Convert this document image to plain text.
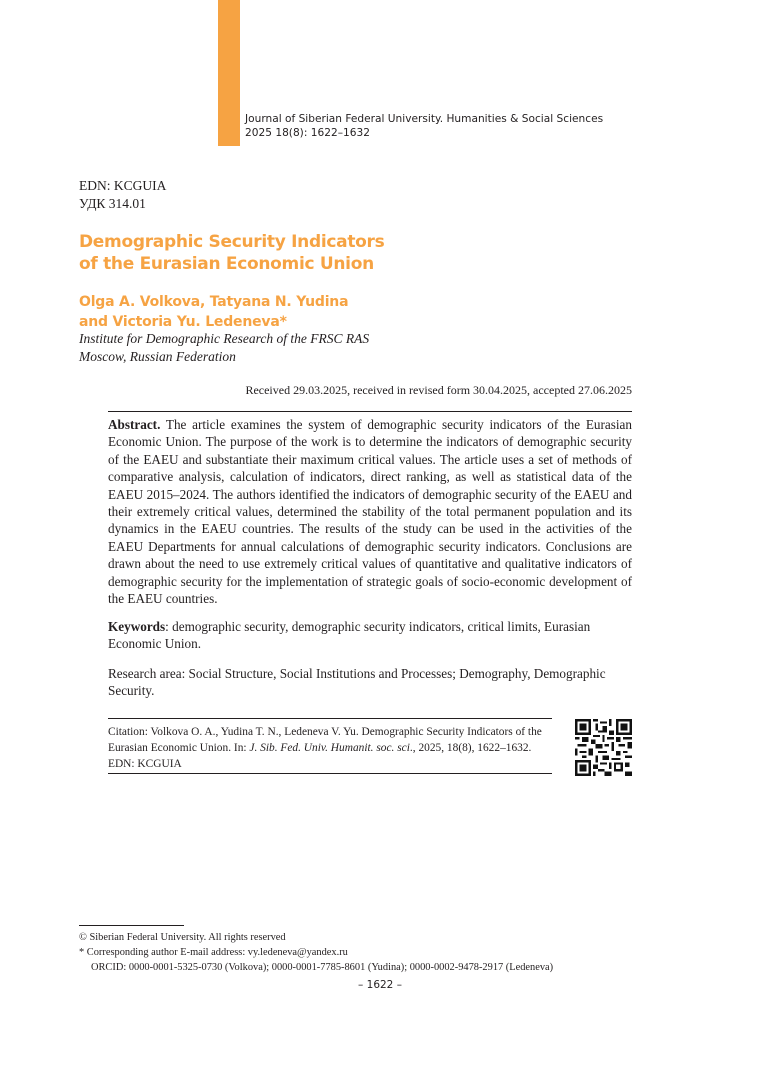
Journal of Siberian Federal University. Humanities & Social Sciences
2025 18(8): 1622–1632
EDN: KCGUIA
УДК 314.01
Demographic Security Indicators
of the Eurasian Economic Union
Olga A. Volkova, Tatyana N. Yudina
and Victoria Yu. Ledeneva*
Institute for Demographic Research of the FRSC RAS
Moscow, Russian Federation
Received 29.03.2025, received in revised form 30.04.2025, accepted 27.06.2025

Abstract. The article examines the system of demographic security indicators of the Eurasian Economic Union. The purpose of the work is to determine the indicators of demographic security of the EAEU and substantiate their maximum critical values. The article uses a set of methods of comparative analysis, calculation of indicators, direct ranking, as well as statistical data of the EAEU 2015–2024. The authors identified the indicators of demographic security of the EAEU and their extremely critical values, determined the stability of the total permanent population and its dynamics in the EAEU countries. The results of the study can be used in the activities of the EAEU Departments for annual calculations of demographic security indicators. Conclusions are drawn about the need to use extremely critical values of quantitative and qualitative indicators of demographic security for the implementation of strategic goals of socio-economic development of the EAEU countries.

Keywords: demographic security, demographic security indicators, critical limits, Eurasian Economic Union.

Research area: Social Structure, Social Institutions and Processes; Demography, Demographic Security.

Citation: Volkova O. A., Yudina T. N., Ledeneva V. Yu. Demographic Security Indicators of the Eurasian Economic Union. In: J. Sib. Fed. Univ. Humanit. soc. sci., 2025, 18(8), 1622–1632. EDN: KCGUIA

© Siberian Federal University. All rights reserved
* Corresponding author E-mail address: vy.ledeneva@yandex.ru
ORCID: 0000-0001-5325-0730 (Volkova); 0000-0001-7785-8601 (Yudina); 0000-0002-9478-2917 (Ledeneva)
– 1622 –
